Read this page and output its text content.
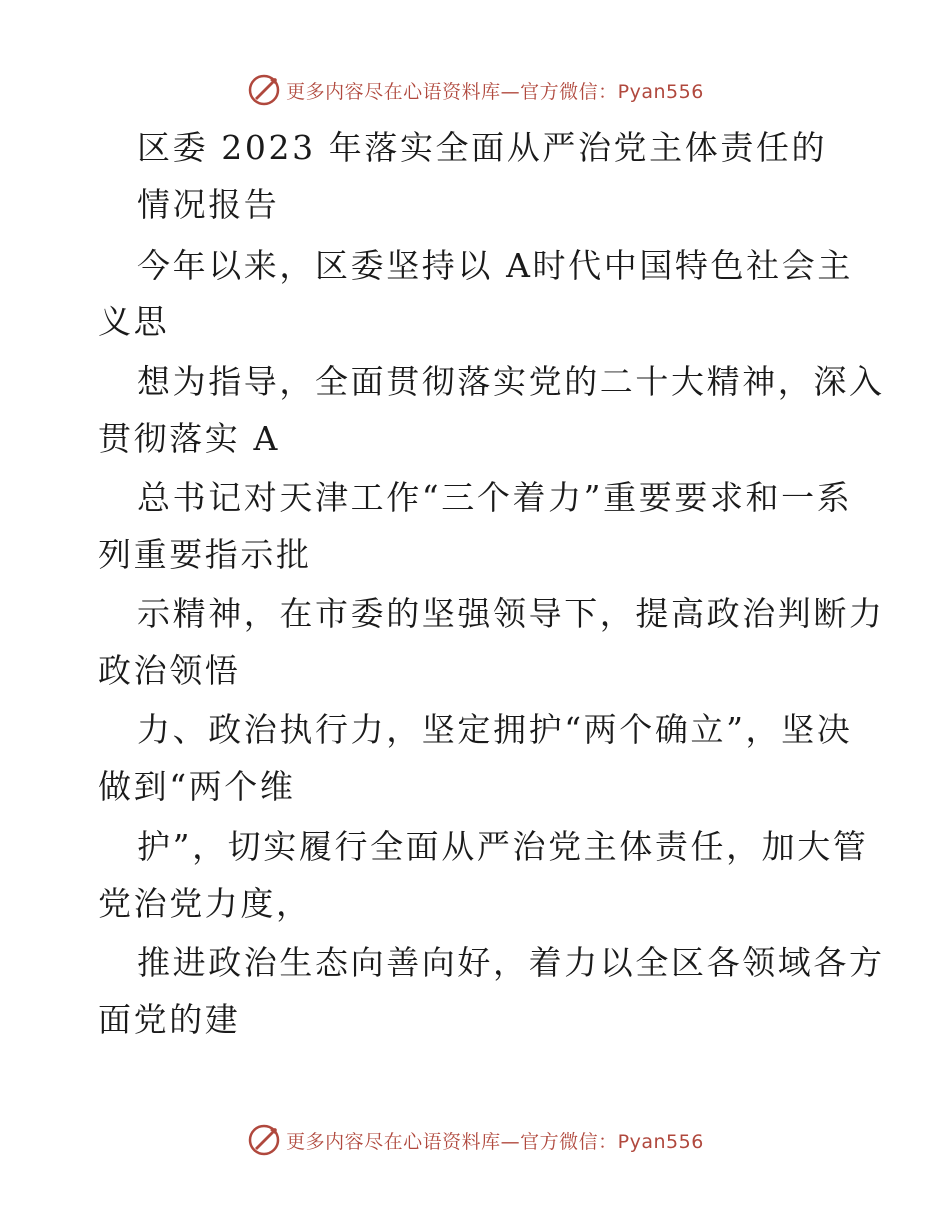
更多内容尽在心语资料库—官方微信：Pyan556
区委 2023 年落实全面从严治党主体责任的
情况报告
今年以来，区委坚持以 A时代中国特色社会主
义思
想为指导，全面贯彻落实党的二十大精神，深入
贯彻落实 A
总书记对天津工作“三个着力”重要要求和一系
列重要指示批
示精神，在市委的坚强领导下，提高政治判断力
政治领悟
力、政治执行力，坚定拥护“两个确立”，坚决
做到“两个维
护”，切实履行全面从严治党主体责任，加大管
党治党力度，
推进政治生态向善向好，着力以全区各领域各方
面党的建
更多内容尽在心语资料库—官方微信：Pyan556
